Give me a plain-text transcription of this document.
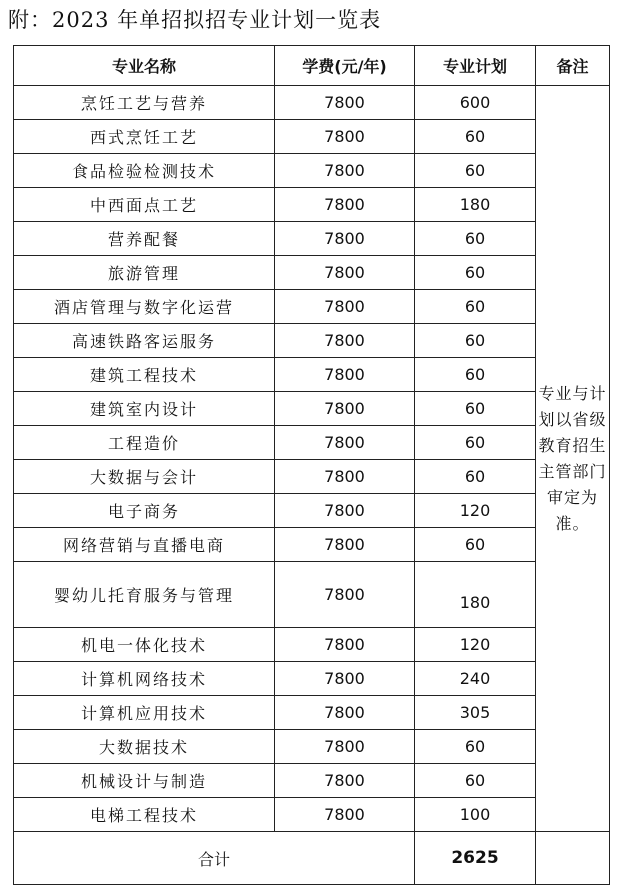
附：2023 年单招拟招专业计划一览表
专业名称	学费(元/年)	专业计划	备注
烹饪工艺与营养	7800	600	专业与计划以省级教育招生主管部门审定为准。
西式烹饪工艺	7800	60	
食品检验检测技术	7800	60	
中西面点工艺	7800	180	
营养配餐	7800	60	
旅游管理	7800	60	
酒店管理与数字化运营	7800	60	
高速铁路客运服务	7800	60	
建筑工程技术	7800	60	
建筑室内设计	7800	60	
工程造价	7800	60	
大数据与会计	7800	60	
电子商务	7800	120	
网络营销与直播电商	7800	60	
婴幼儿托育服务与管理	7800	180	
机电一体化技术	7800	120	
计算机网络技术	7800	240	
计算机应用技术	7800	305	
大数据技术	7800	60	
机械设计与制造	7800	60	
电梯工程技术	7800	100	
合计		2625	
